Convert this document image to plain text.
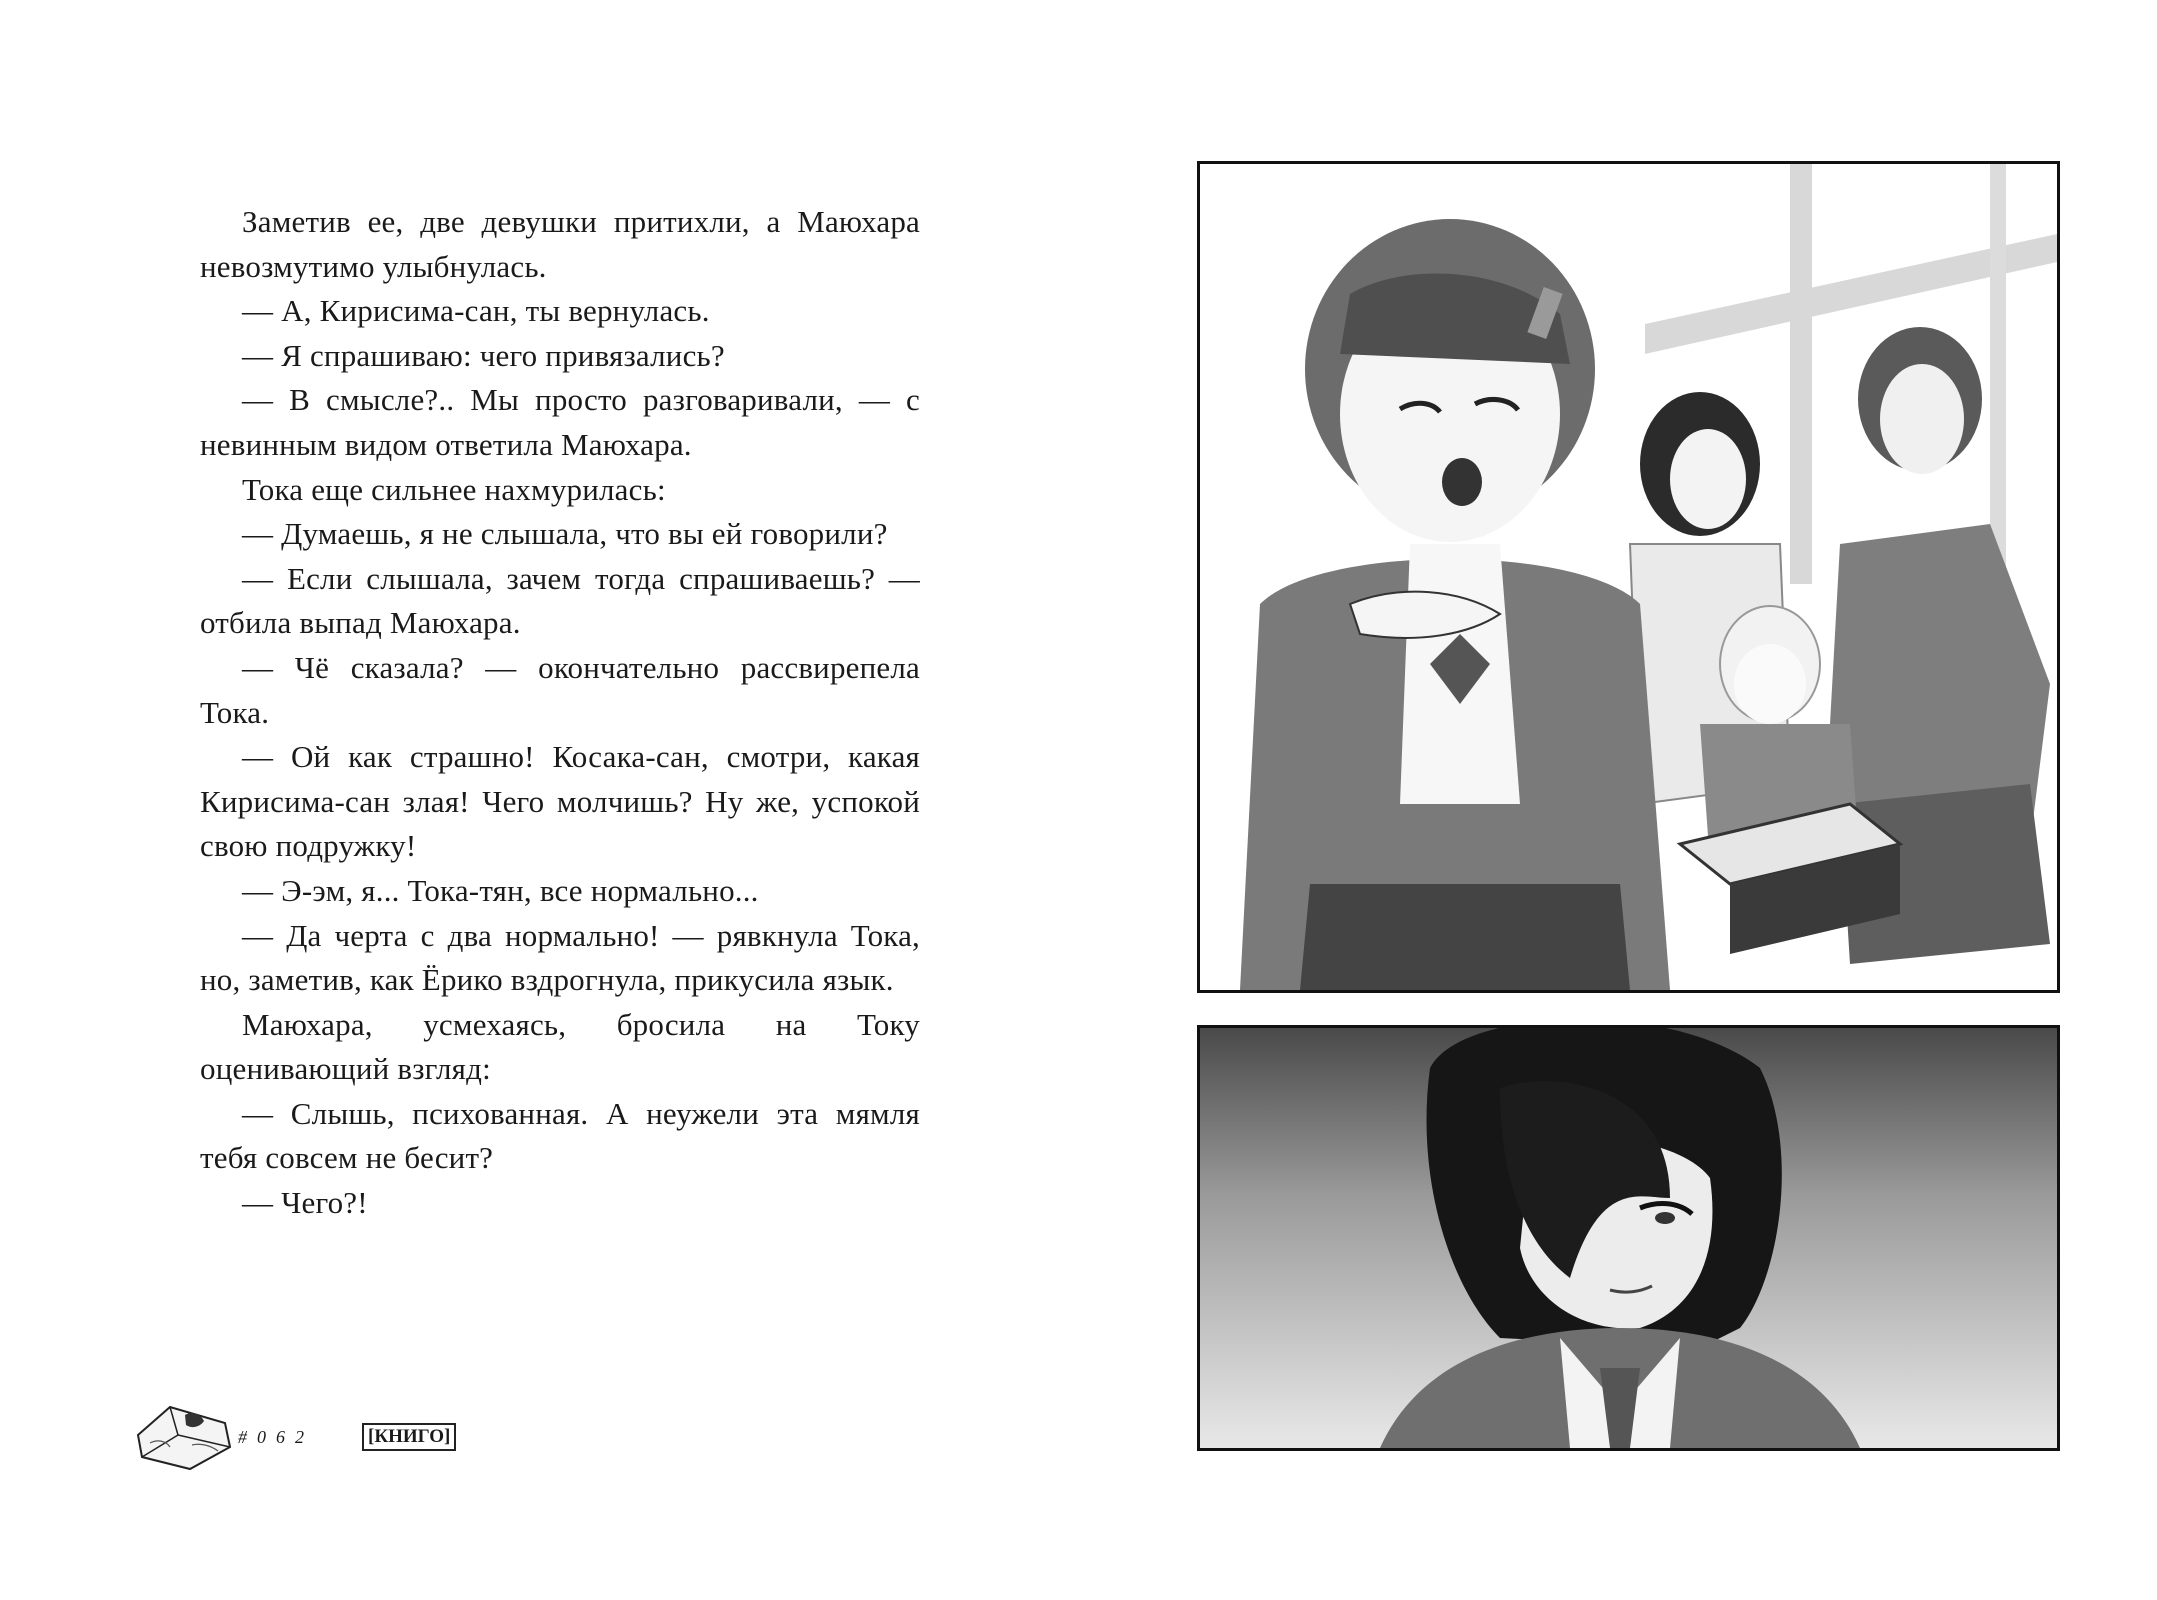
Заметив ее, две девушки притихли, а Маюхара невозмутимо улыбнулась.

— А, Кирисима-сан, ты вернулась.

— Я спрашиваю: чего привязались?

— В смысле?.. Мы просто разговаривали, — с невинным видом ответила Маюхара.

Тока еще сильнее нахмурилась:

— Думаешь, я не слышала, что вы ей говорили?

— Если слышала, зачем тогда спрашиваешь? — отбила выпад Маюхара.

— Чё сказала? — окончательно рассвирепела Тока.

— Ой как страшно! Косака-сан, смотри, какая Кирисима-сан злая! Чего молчишь? Ну же, успокой свою подружку!

— Э-эм, я... Тока-тян, все нормально...

— Да черта с два нормально! — рявкнула Тока, но, заметив, как Ёрико вздрогнула, прикусила язык.

Маюхара, усмехаясь, бросила на Току оценивающий взгляд:

— Слышь, психованная. А неужели эта мямля тебя совсем не бесит?

— Чего?!

#062	[КНИГО]
